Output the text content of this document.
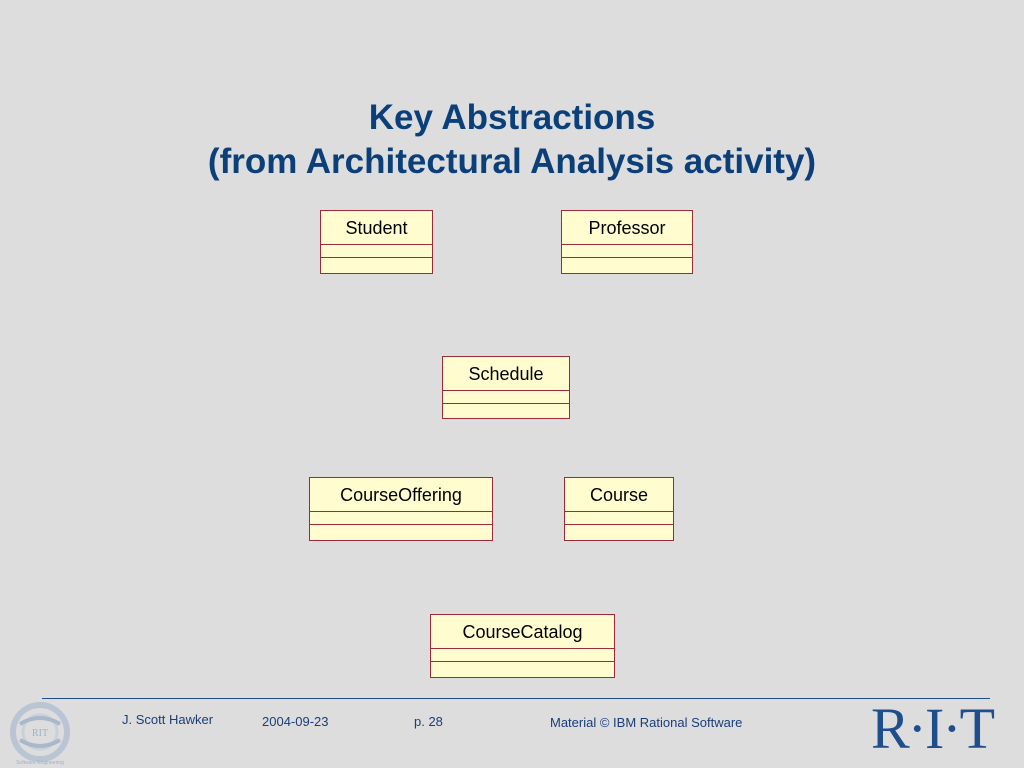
Key Abstractions
(from Architectural Analysis activity)
Student	Professor
Schedule
CourseOffering	Course
CourseCatalog
RIT
Software Engineering
J. Scott Hawker	2004-09-23	p. 28	Material © IBM Rational Software	R·I·T
